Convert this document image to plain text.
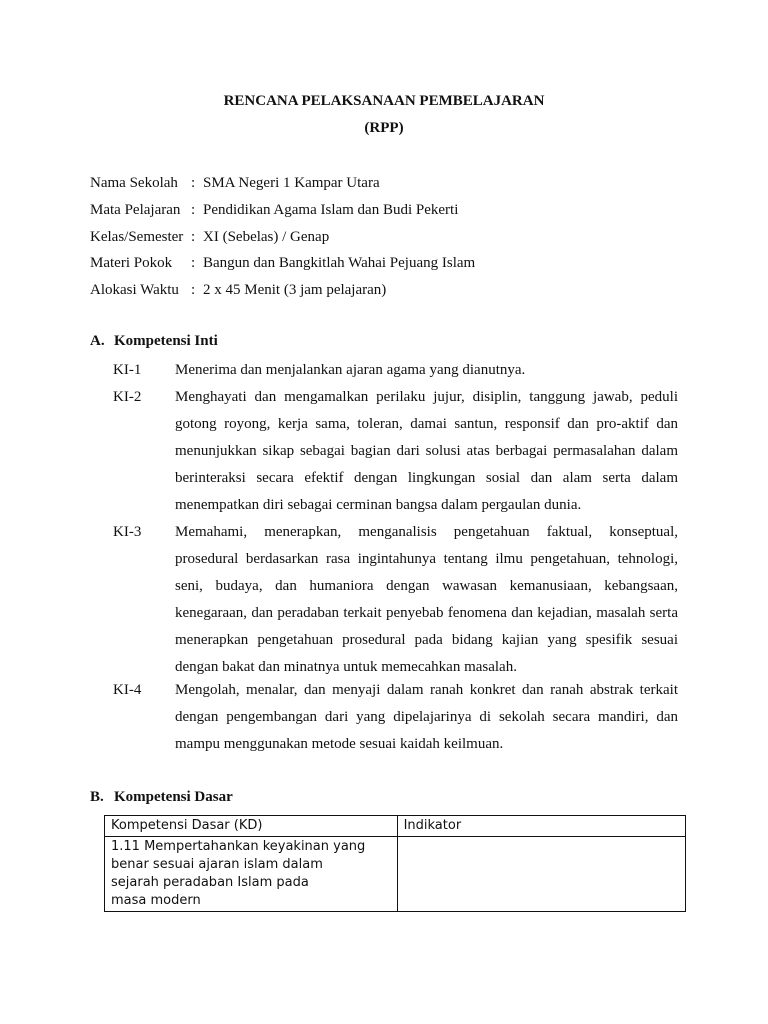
RENCANA PELAKSANAAN PEMBELAJARAN
(RPP)
Nama Sekolah : SMA Negeri 1 Kampar Utara
Mata Pelajaran : Pendidikan Agama Islam dan Budi Pekerti
Kelas/Semester : XI (Sebelas) / Genap
Materi Pokok	: Bangun dan Bangkitlah Wahai Pejuang Islam
Alokasi Waktu : 2 x 45 Menit (3 jam pelajaran)
A. Kompetensi Inti
KI-1	Menerima dan menjalankan ajaran agama yang dianutnya.
KI-2	Menghayati dan mengamalkan perilaku jujur, disiplin, tanggung jawab, peduli gotong royong, kerja sama, toleran, damai santun, responsif dan pro-aktif dan menunjukkan sikap sebagai bagian dari solusi atas berbagai permasalahan dalam berinteraksi secara efektif dengan lingkungan sosial dan alam serta dalam menempatkan diri sebagai cerminan bangsa dalam pergaulan dunia.
KI-3	Memahami, menerapkan, menganalisis pengetahuan faktual, konseptual, prosedural berdasarkan rasa ingintahunya tentang ilmu pengetahuan, tehnologi, seni, budaya, dan humaniora dengan wawasan kemanusiaan, kebangsaan, kenegaraan, dan peradaban terkait penyebab fenomena dan kejadian, masalah serta menerapkan pengetahuan prosedural pada bidang kajian yang spesifik sesuai dengan bakat dan minatnya untuk memecahkan masalah.
KI-4	Mengolah, menalar, dan menyaji dalam ranah konkret dan ranah abstrak terkait dengan pengembangan dari yang dipelajarinya di sekolah secara mandiri, dan mampu menggunakan metode sesuai kaidah keilmuan.
B. Kompetensi Dasar
Kompetensi Dasar (KD)	Indikator

1.11 Mempertahankan keyakinan yang
benar sesuai ajaran islam dalam
sejarah peradaban Islam pada
masa modern	
